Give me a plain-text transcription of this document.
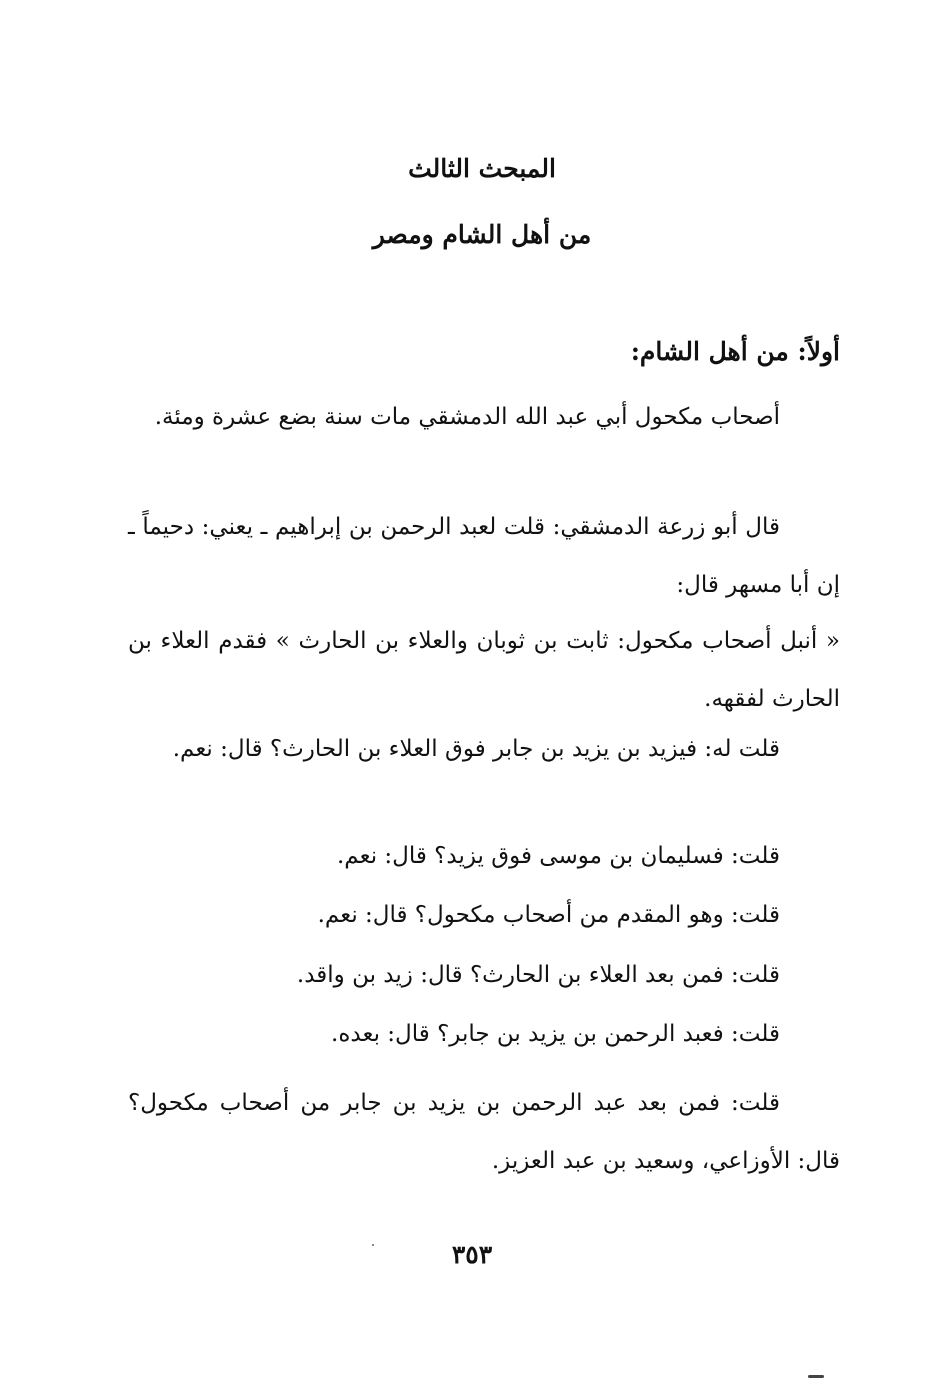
المبحث الثالث
من أهل الشام ومصر
أولاً: من أهل الشام:
أصحاب مكحول أبي عبد الله الدمشقي مات سنة بضع عشرة ومئة.
قال أبو زرعة الدمشقي: قلت لعبد الرحمن بن إبراهيم ـ يعني: دحيماً ـ إن أبا مسهر قال:
« أنبل أصحاب مكحول: ثابت بن ثوبان والعلاء بن الحارث » فقدم العلاء بن الحارث لفقهه.
قلت له: فيزيد بن يزيد بن جابر فوق العلاء بن الحارث؟ قال: نعم.
قلت: فسليمان بن موسى فوق يزيد؟ قال: نعم.
قلت: وهو المقدم من أصحاب مكحول؟ قال: نعم.
قلت: فمن بعد العلاء بن الحارث؟ قال: زيد بن واقد.
قلت: فعبد الرحمن بن يزيد بن جابر؟ قال: بعده.
قلت: فمن بعد عبد الرحمن بن يزيد بن جابر من أصحاب مكحول؟ قال: الأوزاعي، وسعيد بن عبد العزيز.
٣٥٣
